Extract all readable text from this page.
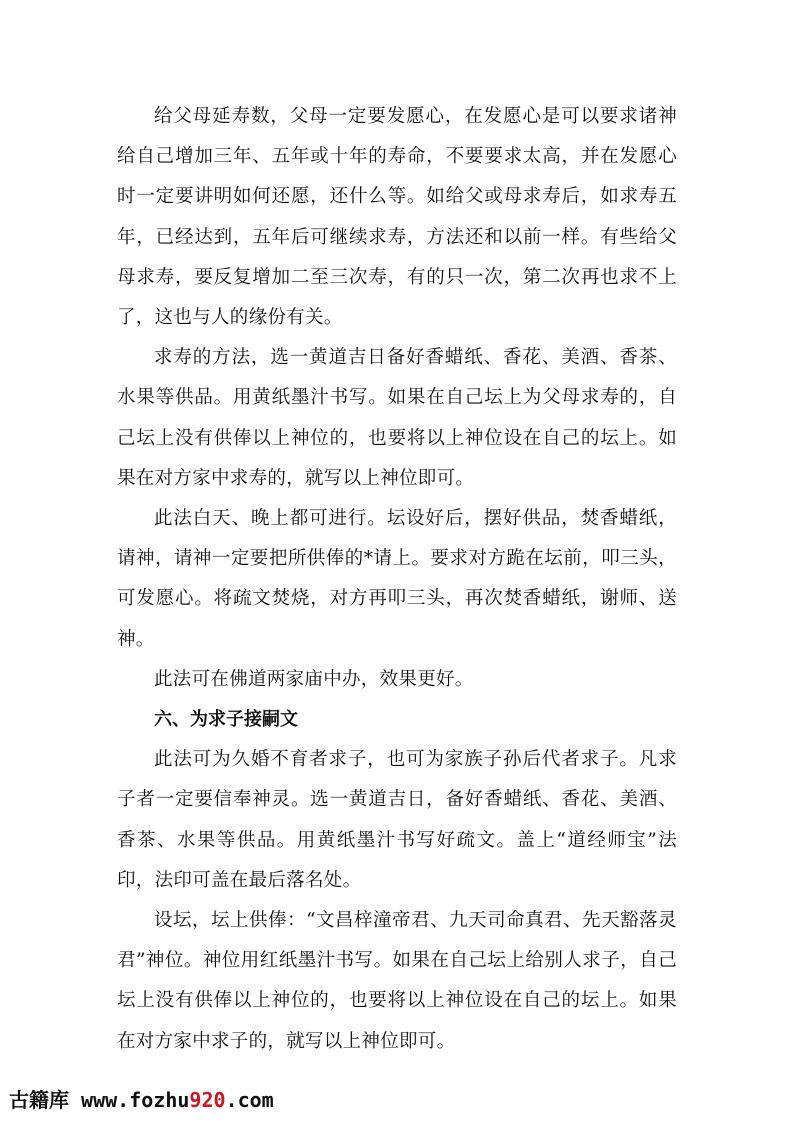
给父母延寿数，父母一定要发愿心，在发愿心是可以要求诸神给自己增加三年、五年或十年的寿命，不要要求太高，并在发愿心时一定要讲明如何还愿，还什么等。如给父或母求寿后，如求寿五年，已经达到，五年后可继续求寿，方法还和以前一样。有些给父母求寿，要反复增加二至三次寿，有的只一次，第二次再也求不上了，这也与人的缘份有关。

求寿的方法，选一黄道吉日备好香蜡纸、香花、美酒、香茶、水果等供品。用黄纸墨汁书写。如果在自己坛上为父母求寿的，自己坛上没有供俸以上神位的，也要将以上神位设在自己的坛上。如果在对方家中求寿的，就写以上神位即可。

此法白天、晚上都可进行。坛设好后，摆好供品，焚香蜡纸，请神，请神一定要把所供俸的*请上。要求对方跪在坛前，叩三头，可发愿心。将疏文焚烧，对方再叩三头，再次焚香蜡纸，谢师、送神。

此法可在佛道两家庙中办，效果更好。

六、为求子接嗣文

此法可为久婚不育者求子，也可为家族子孙后代者求子。凡求子者一定要信奉神灵。选一黄道吉日，备好香蜡纸、香花、美酒、香茶、水果等供品。用黄纸墨汁书写好疏文。盖上“道经师宝”法印，法印可盖在最后落名处。

设坛，坛上供俸：“文昌梓潼帝君、九天司命真君、先天豁落灵君”神位。神位用红纸墨汁书写。如果在自己坛上给别人求子，自己坛上没有供俸以上神位的，也要将以上神位设在自己的坛上。如果在对方家中求子的，就写以上神位即可。

古籍库 www.fozhu920.com
